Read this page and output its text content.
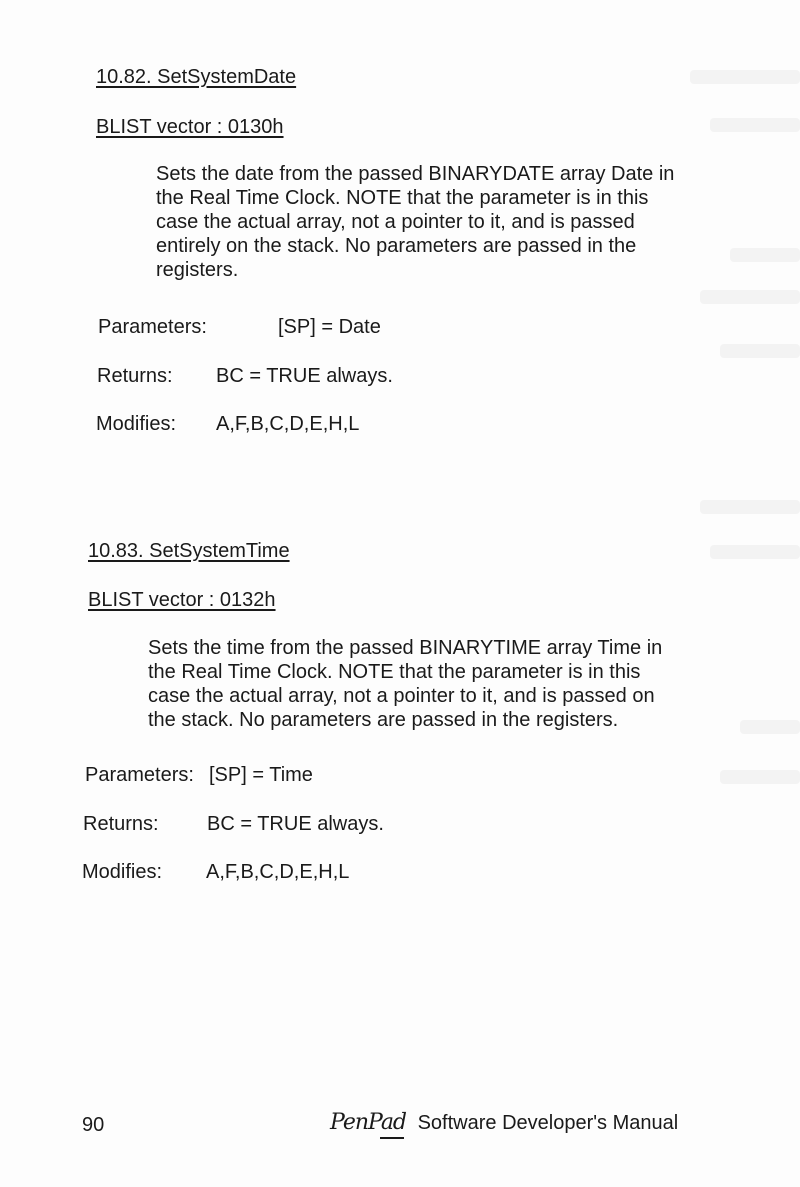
10.82. SetSystemDate
BLIST vector : 0130h
Sets the date from the passed BINARYDATE array Date in
the Real Time Clock. NOTE that the parameter is in this
case the actual array, not a pointer to it, and is passed
entirely on the stack. No parameters are passed in the
registers.
Parameters:	[SP] = Date
Returns: BC = TRUE always.
Modifies: A,F,B,C,D,E,H,L
10.83. SetSystemTime
BLIST vector : 0132h
Sets the time from the passed BINARYTIME array Time in
the Real Time Clock. NOTE that the parameter is in this
case the actual array, not a pointer to it, and is passed on
the stack. No parameters are passed in the registers.
Parameters: [SP] = Time
Returns: BC = TRUE always.
Modifies: A,F,B,C,D,E,H,L
90	PenPad Software Developer's Manual
